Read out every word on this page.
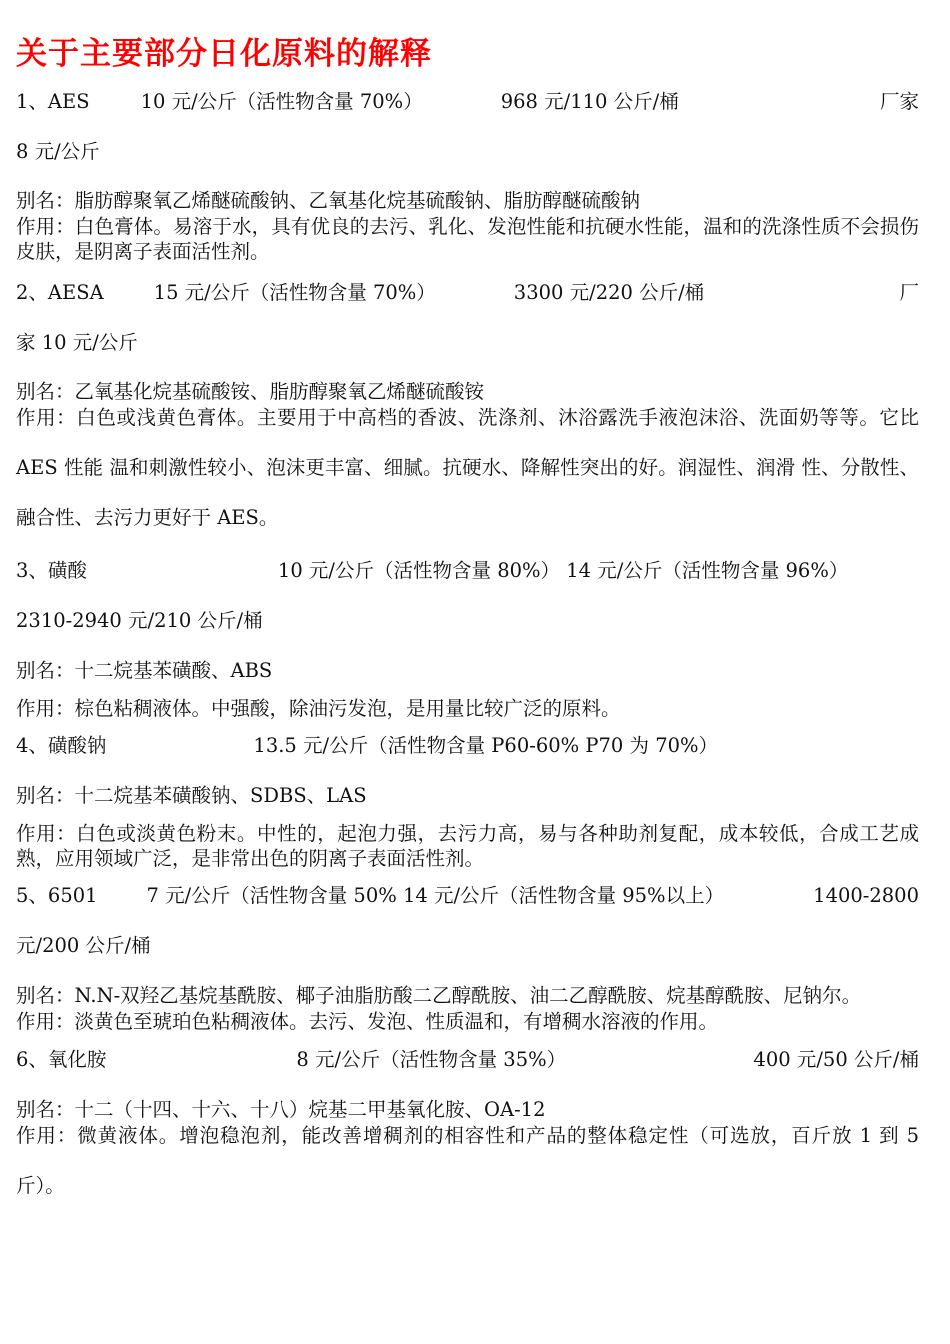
关于主要部分日化原料的解释
1、AES	10 元/公斤（活性物含量 70%）	968 元/110 公斤/桶	厂家
8 元/公斤
别名：脂肪醇聚氧乙烯醚硫酸钠、乙氧基化烷基硫酸钠、脂肪醇醚硫酸钠
作用：白色膏体。易溶于水，具有优良的去污、乳化、发泡性能和抗硬水性能，温和的洗涤性质不会损伤皮肤，是阴离子表面活性剂。
2、AESA	15 元/公斤（活性物含量 70%）	3300 元/220 公斤/桶	厂
家 10 元/公斤
别名：乙氧基化烷基硫酸铵、脂肪醇聚氧乙烯醚硫酸铵
作用：白色或浅黄色膏体。主要用于中高档的香波、洗涤剂、沐浴露洗手液泡沫浴、洗面奶等等。它比 AES 性能 温和刺激性较小、泡沫更丰富、细腻。抗硬水、降解性突出的好。润湿性、润滑 性、分散性、融合性、去污力更好于 AES。
3、磺酸	10 元/公斤（活性物含量 80%） 14 元/公斤（活性物含量 96%）
2310-2940 元/210 公斤/桶
别名：十二烷基苯磺酸、ABS
作用：棕色粘稠液体。中强酸，除油污发泡，是用量比较广泛的原料。
4、磺酸钠	13.5 元/公斤（活性物含量 P60-60% P70 为 70%）
别名：十二烷基苯磺酸钠、SDBS、LAS
作用：白色或淡黄色粉末。中性的，起泡力强，去污力高，易与各种助剂复配，成本较低，合成工艺成熟，应用领域广泛，是非常出色的阴离子表面活性剂。
5、6501	7 元/公斤（活性物含量 50% 14 元/公斤（活性物含量 95%以上）	1400-2800
元/200 公斤/桶
别名：N.N-双羟乙基烷基酰胺、椰子油脂肪酸二乙醇酰胺、油二乙醇酰胺、烷基醇酰胺、尼钠尔。
作用：淡黄色至琥珀色粘稠液体。去污、发泡、性质温和，有增稠水溶液的作用。
6、氧化胺	8 元/公斤（活性物含量 35%）	400 元/50 公斤/桶
别名：十二（十四、十六、十八）烷基二甲基氧化胺、OA-12
作用：微黄液体。增泡稳泡剂，能改善增稠剂的相容性和产品的整体稳定性（可选放，百斤放 1 到 5 斤）。
